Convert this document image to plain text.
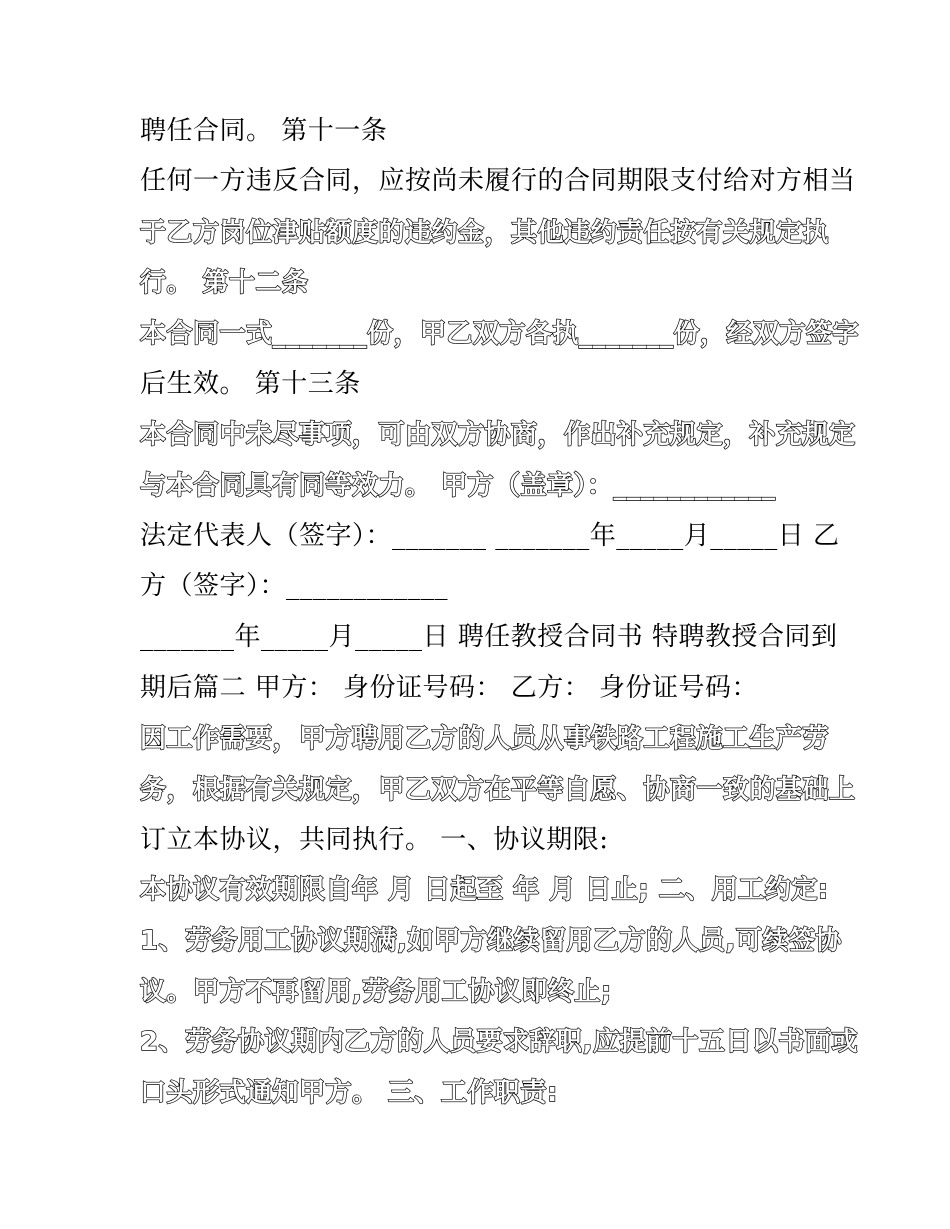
聘任合同。 第十一条
任何一方违反合同，应按尚未履行的合同期限支付给对方相当
于乙方岗位津贴额度的违约金，其他违约责任按有关规定执
行。 第十二条
本合同一式_______份，甲乙双方各执_______份，经双方签字
后生效。 第十三条
本合同中未尽事项，可由双方协商，作出补充规定，补充规定
与本合同具有同等效力。 甲方（盖章）：____________
法定代表人（签字）：_______ _______年_____月_____日 乙
方（签字）：____________
_______年_____月_____日 聘任教授合同书 特聘教授合同到
期后篇二 甲方： 身份证号码： 乙方： 身份证号码：
因工作需要，甲方聘用乙方的人员从事铁路工程施工生产劳
务，根据有关规定，甲乙双方在平等自愿、协商一致的基础上
订立本协议，共同执行。 一、协议期限:
本协议有效期限自年 月 日起至 年 月 日止; 二、用工约定:
1、劳务用工协议期满,如甲方继续留用乙方的人员,可续签协
议。甲方不再留用,劳务用工协议即终止;
2、劳务协议期内乙方的人员要求辞职,应提前十五日以书面或
口头形式通知甲方。 三、工作职责:
